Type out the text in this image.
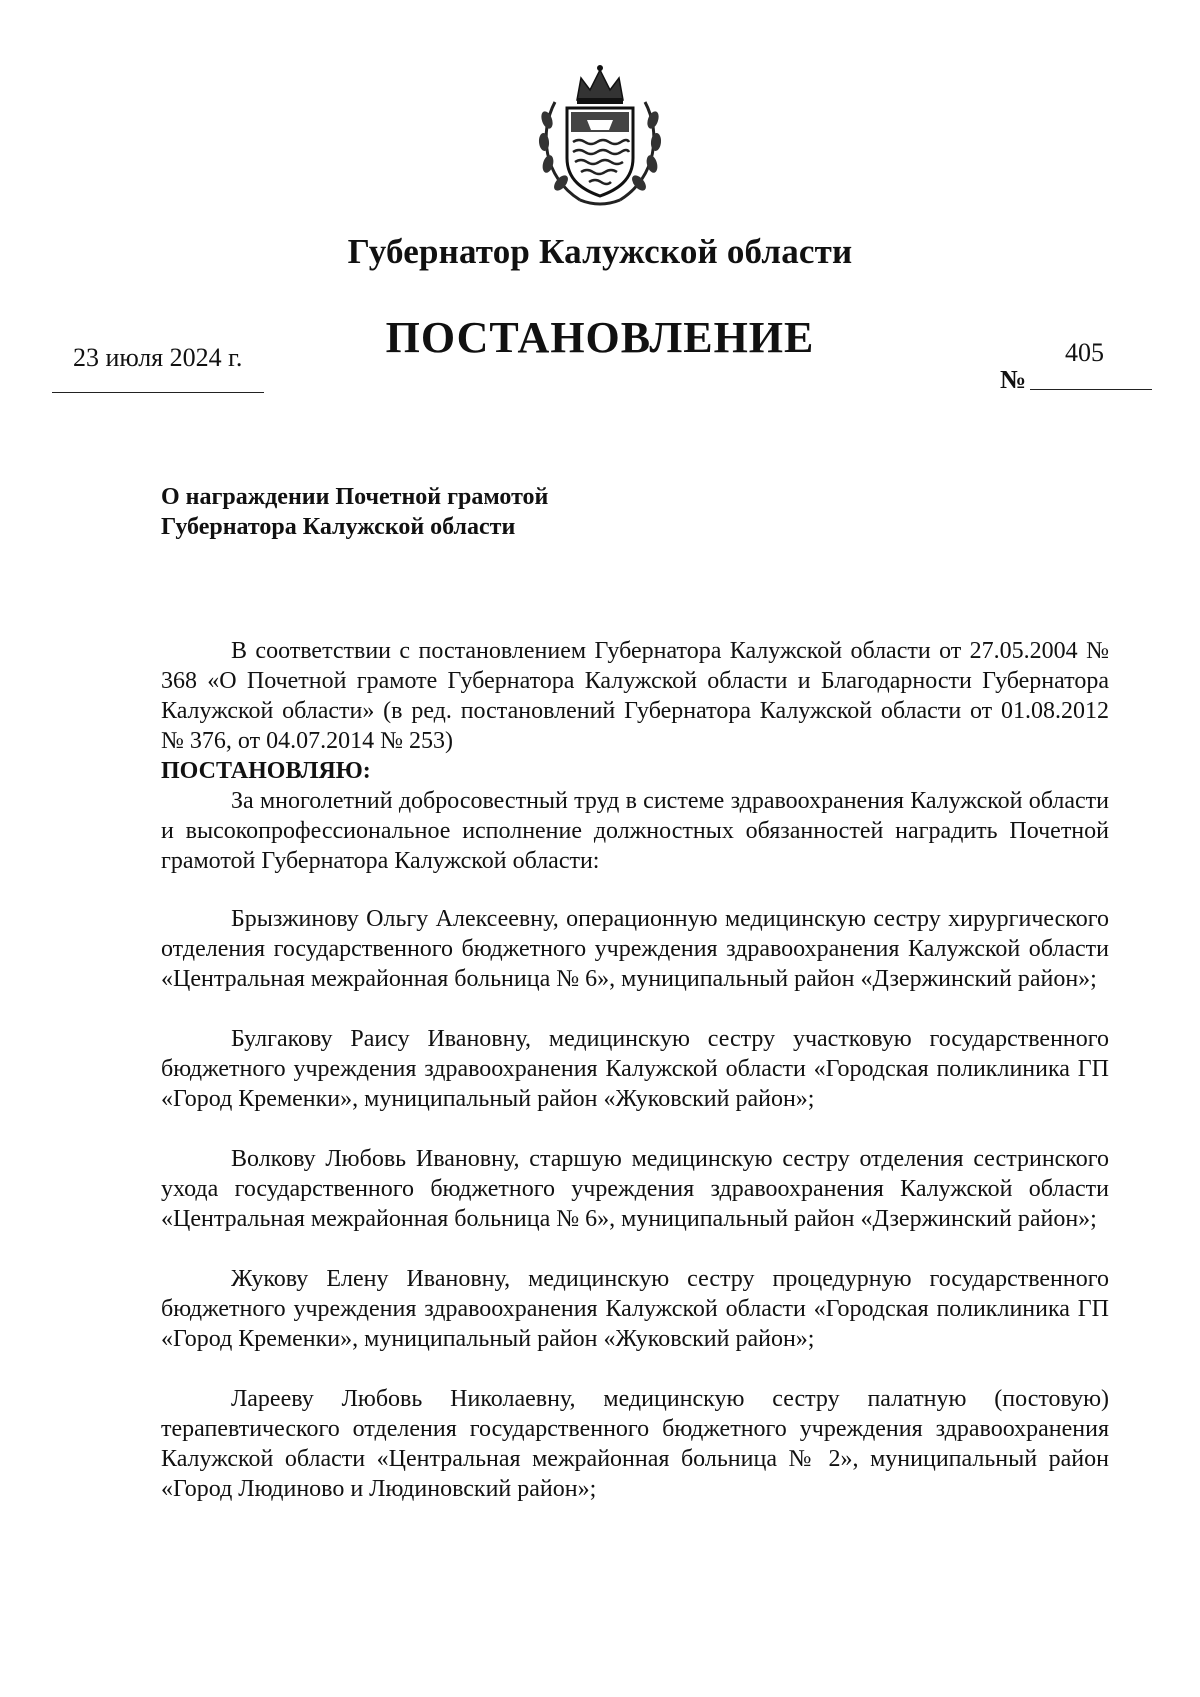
Губернатор Калужской области
ПОСТАНОВЛЕНИЕ
23 июля 2024 г.	405
№
О награждении Почетной грамотой
Губернатора Калужской области

В соответствии с постановлением Губернатора Калужской области от 27.05.2004 № 368 «О Почетной грамоте Губернатора Калужской области и Благодарности Губернатора Калужской области» (в ред. постановлений Губернатора Калужской области от 01.08.2012 № 376, от 04.07.2014 № 253)

ПОСТАНОВЛЯЮ:

За многолетний добросовестный труд в системе здравоохранения Калужской области и высокопрофессиональное исполнение должностных обязанностей наградить Почетной грамотой Губернатора Калужской области:

Брызжинову Ольгу Алексеевну, операционную медицинскую сестру хирургического отделения государственного бюджетного учреждения здравоохранения Калужской области «Центральная межрайонная больница № 6», муниципальный район «Дзержинский район»;

Булгакову Раису Ивановну, медицинскую сестру участковую государственного бюджетного учреждения здравоохранения Калужской области «Городская поликлиника ГП «Город Кременки», муниципальный район «Жуковский район»;

Волкову Любовь Ивановну, старшую медицинскую сестру отделения сестринского ухода государственного бюджетного учреждения здравоохранения Калужской области «Центральная межрайонная больница № 6», муниципальный район «Дзержинский район»;

Жукову Елену Ивановну, медицинскую сестру процедурную государственного бюджетного учреждения здравоохранения Калужской области «Городская поликлиника ГП «Город Кременки», муниципальный район «Жуковский район»;

Ларееву Любовь Николаевну, медицинскую сестру палатную (постовую) терапевтического отделения государственного бюджетного учреждения здравоохранения Калужской области «Центральная межрайонная больница № 2», муниципальный район «Город Людиново и Людиновский район»;
